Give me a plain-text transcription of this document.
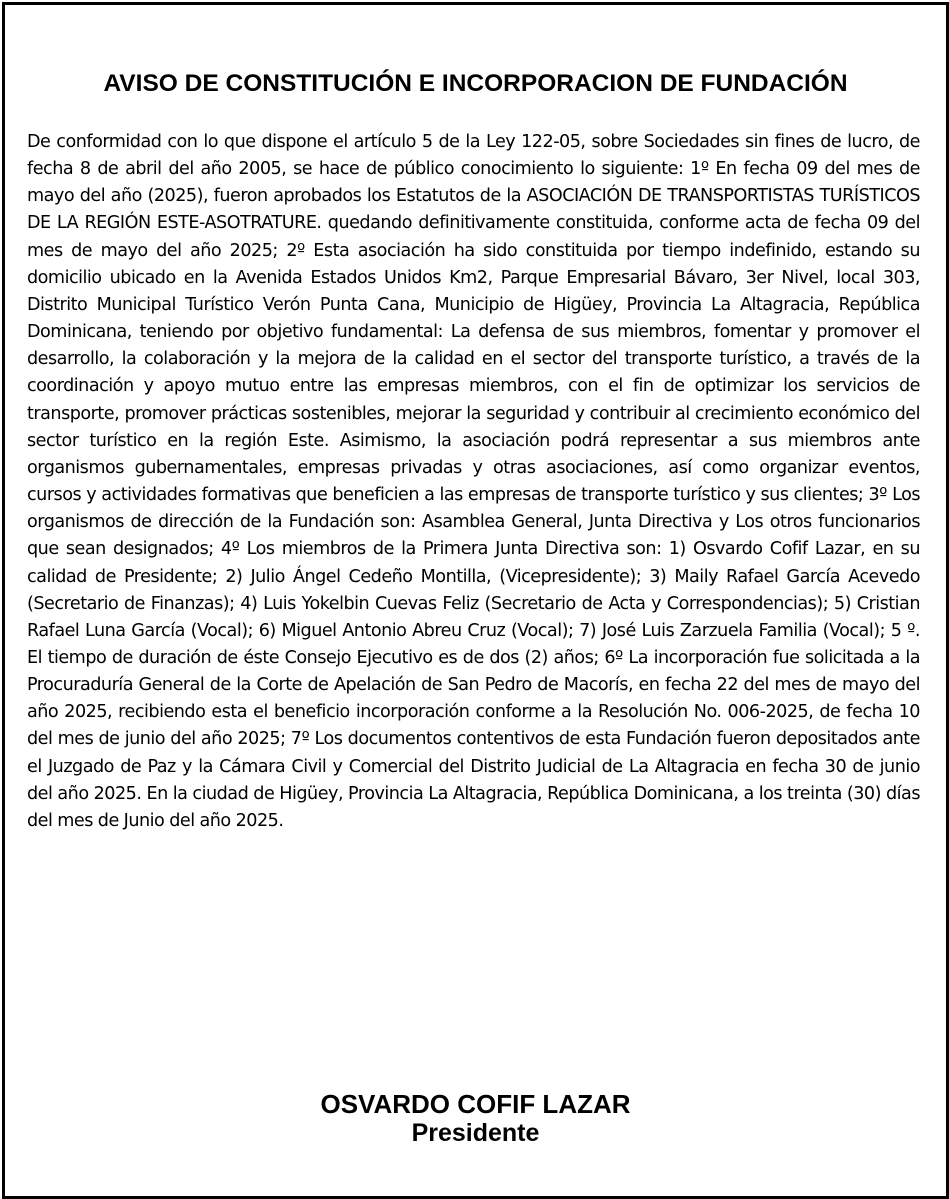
AVISO DE CONSTITUCIÓN E INCORPORACION DE FUNDACIÓN
De conformidad con lo que dispone el artículo 5 de la Ley 122-05, sobre Sociedades sin fines de lucro, de fecha 8 de abril del año 2005, se hace de público conocimiento lo siguiente: 1º En fecha 09 del mes de mayo del año (2025), fueron aprobados los Estatutos de la ASOCIACIÓN DE TRANSPORTISTAS TURÍSTICOS DE LA REGIÓN ESTE-ASOTRATURE. quedando definitivamente constituida, conforme acta de fecha 09 del mes de mayo del año 2025; 2º Esta asociación ha sido constituida por tiempo indefinido, estando su domicilio ubicado en la Avenida Estados Unidos Km2, Parque Empresarial Bávaro, 3er Nivel, local 303, Distrito Municipal Turístico Verón Punta Cana, Municipio de Higüey, Provincia La Altagracia, República Dominicana, teniendo por objetivo fundamental: La defensa de sus miembros, fomentar y promover el desarrollo, la colaboración y la mejora de la calidad en el sector del transporte turístico, a través de la coordinación y apoyo mutuo entre las empresas miembros, con el fin de optimizar los servicios de transporte, promover prácticas sostenibles, mejorar la seguridad y contribuir al crecimiento económico del sector turístico en la región Este. Asimismo, la asociación podrá representar a sus miembros ante organismos gubernamentales, empresas privadas y otras asociaciones, así como organizar eventos, cursos y actividades formativas que beneficien a las empresas de transporte turístico y sus clientes; 3º Los organismos de dirección de la Fundación son: Asamblea General, Junta Directiva y Los otros funcionarios que sean designados; 4º Los miembros de la Primera Junta Directiva son: 1) Osvardo Cofif Lazar, en su calidad de Presidente; 2) Julio Ángel Cedeño Montilla, (Vicepresidente); 3) Maily Rafael García Acevedo (Secretario de Finanzas); 4) Luis Yokelbin Cuevas Feliz (Secretario de Acta y Correspondencias); 5) Cristian Rafael Luna García (Vocal); 6) Miguel Antonio Abreu Cruz (Vocal); 7) José Luis Zarzuela Familia (Vocal); 5 º. El tiempo de duración de éste Consejo Ejecutivo es de dos (2) años; 6º La incorporación fue solicitada a la Procuraduría General de la Corte de Apelación de San Pedro de Macorís, en fecha 22 del mes de mayo del año 2025, recibiendo esta el beneficio incorporación conforme a la Resolución No. 006-2025, de fecha 10 del mes de junio del año 2025; 7º Los documentos contentivos de esta Fundación fueron depositados ante el Juzgado de Paz y la Cámara Civil y Comercial del Distrito Judicial de La Altagracia en fecha 30 de junio del año 2025. En la ciudad de Higüey, Provincia La Altagracia, República Dominicana, a los treinta (30) días del mes de Junio del año 2025.
OSVARDO COFIF LAZAR
Presidente
